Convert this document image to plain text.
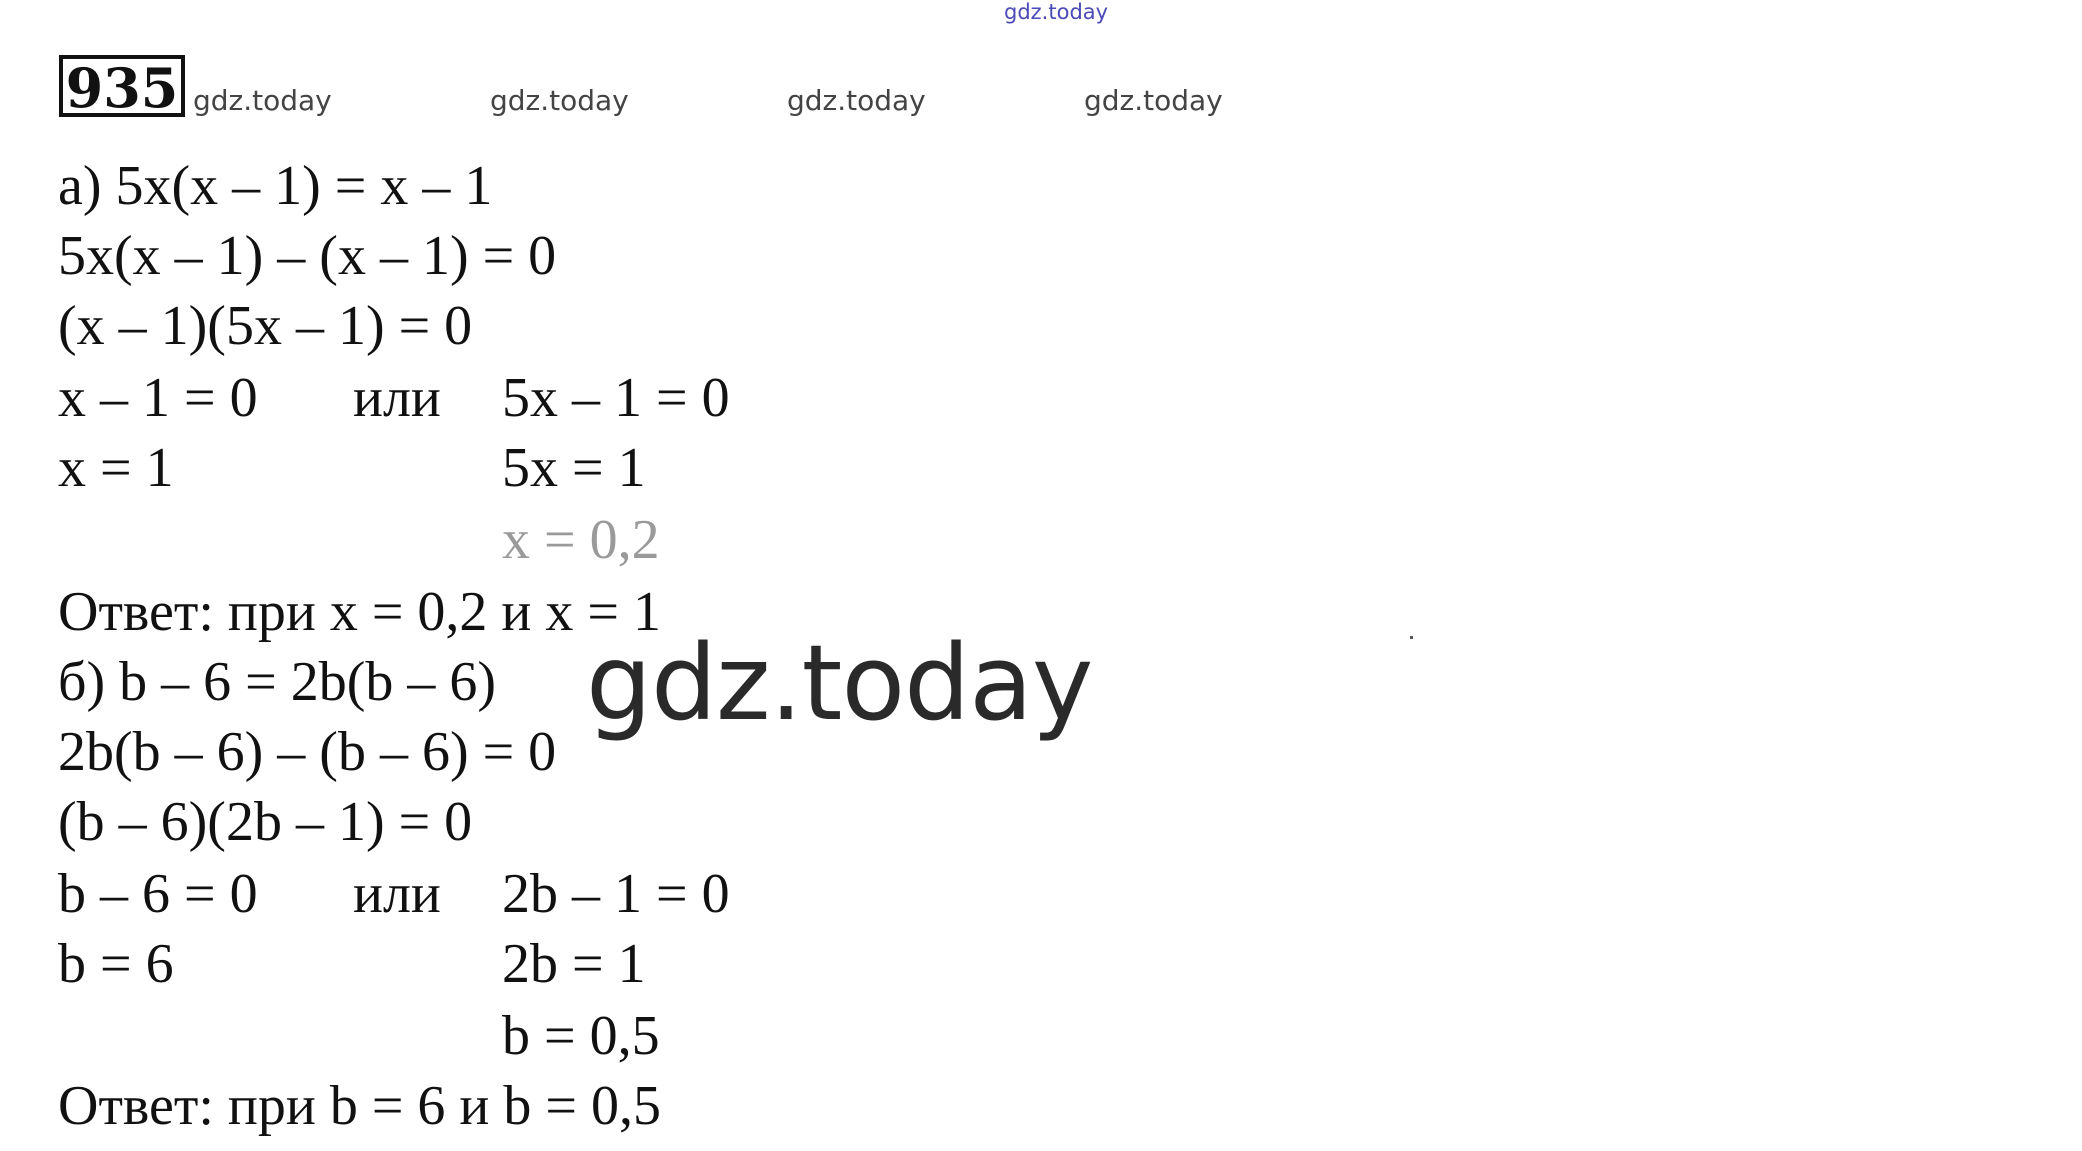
gdz.today
935 gdz.today	gdz.today	gdz.today	gdz.today
а) 5x(x – 1) = x – 1
5x(x – 1) – (x – 1) = 0
(x – 1)(5x – 1) = 0
x – 1 = 0 или 5x – 1 = 0
x = 1	5x = 1
x = 0,2
Ответ: при x = 0,2 и x = 1
б) b – 6 = 2b(b – 6)
2b(b – 6) – (b – 6) = 0
(b – 6)(2b – 1) = 0
b – 6 = 0 или 2b – 1 = 0
b = 6	2b = 1
b = 0,5
Ответ: при b = 6 и b = 0,5
gdz.today
